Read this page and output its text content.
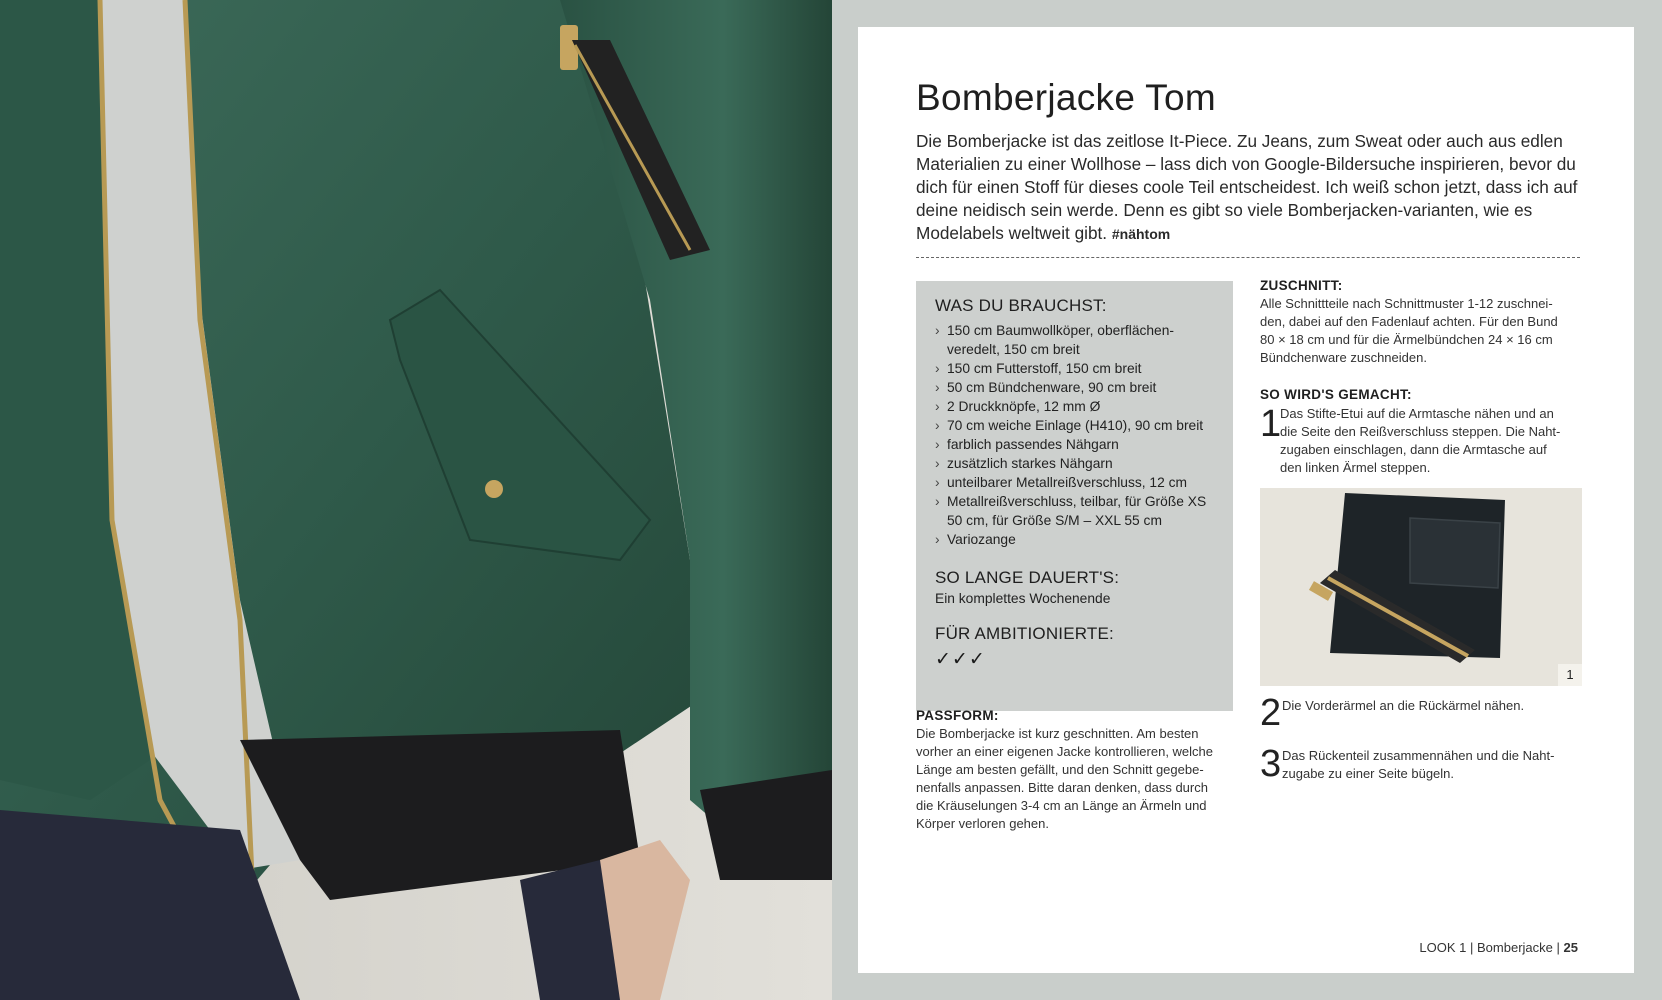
Bomberjacke Tom
Die Bomberjacke ist das zeitlose It-Piece. Zu Jeans, zum Sweat oder auch aus edlen Materialien zu einer Wollhose – lass dich von Google-Bildersuche inspirieren, bevor du dich für einen Stoff für dieses coole Teil entscheidest. Ich weiß schon jetzt, dass ich auf deine neidisch sein werde. Denn es gibt so viele Bomberjacken-varianten, wie es Modelabels weltweit gibt. #nähtom
WAS DU BRAUCHST:
› 150 cm Baumwollköper, oberflächen-veredelt, 150 cm breit
› 150 cm Futterstoff, 150 cm breit
› 50 cm Bündchenware, 90 cm breit
› 2 Druckknöpfe, 12 mm Ø
› 70 cm weiche Einlage (H410), 90 cm breit
› farblich passendes Nähgarn
› zusätzlich starkes Nähgarn
› unteilbarer Metallreißverschluss, 12 cm
› Metallreißverschluss, teilbar, für Größe XS 50 cm, für Größe S/M – XXL 55 cm
› Variozange
SO LANGE DAUERT'S:
Ein komplettes Wochenende
FÜR AMBITIONIERTE:
✓✓✓
PASSFORM:
Die Bomberjacke ist kurz geschnitten. Am besten vorher an einer eigenen Jacke kontrollieren, welche Länge am besten gefällt, und den Schnitt gegebe-nenfalls anpassen. Bitte daran denken, dass durch die Kräuselungen 3-4 cm an Länge an Ärmeln und Körper verloren gehen.
ZUSCHNITT:
Alle Schnittteile nach Schnittmuster 1-12 zuschnei-den, dabei auf den Fadenlauf achten. Für den Bund 80 × 18 cm und für die Ärmelbündchen 24 × 16 cm Bündchenware zuschneiden.
SO WIRD'S GEMACHT:
1
Das Stifte-Etui auf die Armtasche nähen und an die Seite den Reißverschluss steppen. Die Naht-zugaben einschlagen, dann die Armtasche auf den linken Ärmel steppen.
1
2 Die Vorderärmel an die Rückärmel nähen.
3 Das Rückenteil zusammennähen und die Naht-zugabe zu einer Seite bügeln.
LOOK 1 | Bomberjacke | 25
